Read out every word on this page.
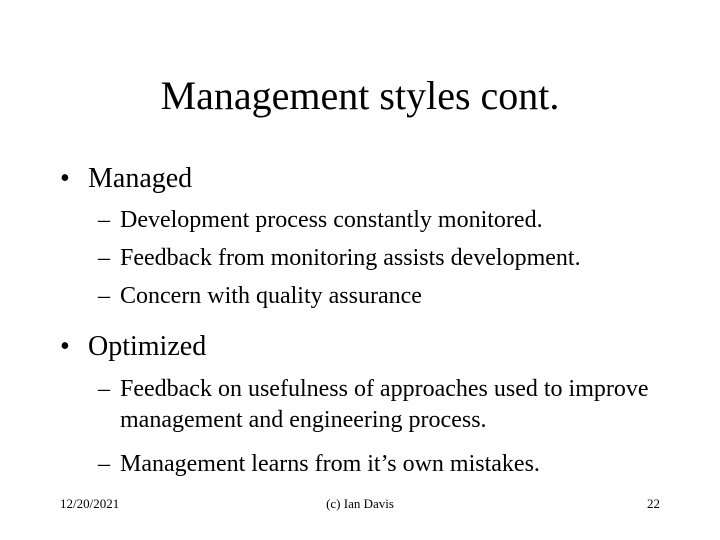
Management styles cont.
• Managed
– Development process constantly monitored.
– Feedback from monitoring assists development.
– Concern with quality assurance
• Optimized
– Feedback on usefulness of approaches used to improve management and engineering process.
– Management learns from it’s own mistakes.
12/20/2021	(c) Ian Davis	22
